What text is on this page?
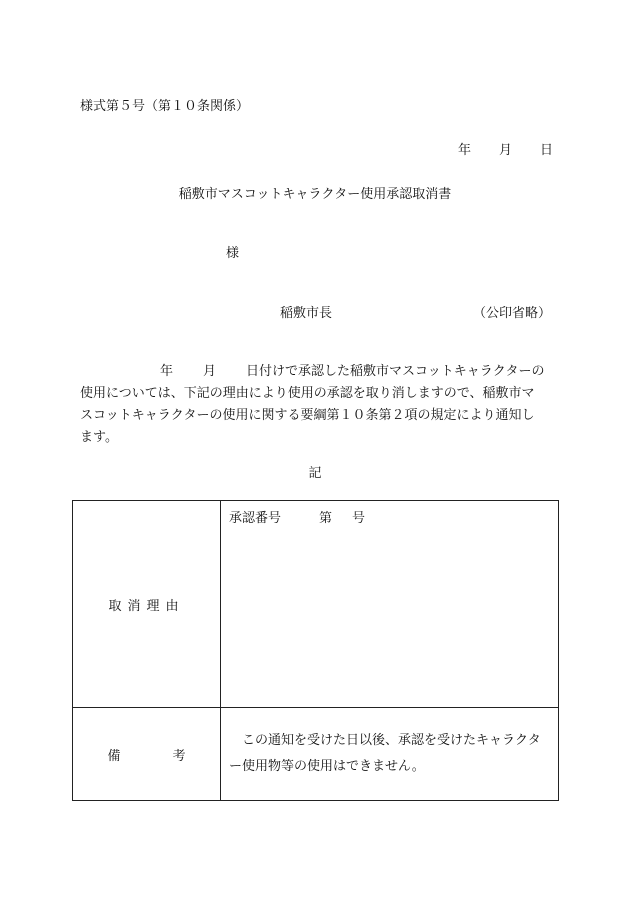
様式第５号（第１０条関係）
年 月 日
稲敷市マスコットキャラクター使用承認取消書
様
稲敷市長	（公印省略）
年 月 日付けで承認した稲敷市マスコットキャラクターの
使用については、下記の理由により使用の承認を取り消しますので、稲敷市マ
スコットキャラクターの使用に関する要綱第１０条第２項の規定により通知し
ます。
記
取消理由	承認番号 第 号

備 考	　この通知を受けた日以後、承認を受けたキャラクタ
ー使用物等の使用はできません。
